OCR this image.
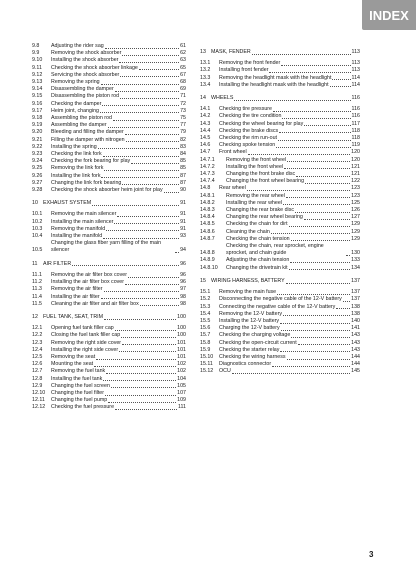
INDEX
9.8	Adjusting the rider sag	61
9.9	Removing the shock absorber	62
9.10	Installing the shock absorber	63
9.11	Checking the shock absorber linkage	65
9.12	Servicing the shock absorber	67
9.13	Removing the spring	68
9.14	Disassembling the damper	69
9.15	Disassembling the piston rod	71
9.16	Checking the damper	72
9.17	Heim joint, changing	73
9.18	Assembling the piston rod	75
9.19	Assembling the damper	77
9.20	Bleeding and filling the damper	79
9.21	Filling the damper with nitrogen	82
9.22	Installing the spring	83
9.23	Checking the link fork	84
9.24	Checking the fork bearing for play	85
9.25	Removing the link fork	85
9.26	Installing the link fork	87
9.27	Changing the link fork bearing	87
9.28	Checking the shock absorber heim joint for play	90
10 EXHAUST SYSTEM	91
10.1	Removing the main silencer	91
10.2	Installing the main silencer	91
10.3	Removing the manifold	91
10.4	Installing the manifold	93
10.5
Changing the glass fiber yarn filling of the main silencer	94
11	AIR FILTER	96
11.1	Removing the air filter box cover	96
11.2	Installing the air filter box cover	96
11.3	Removing the air filter	97
11.4	Installing the air filter	98
11.5	Cleaning the air filter and air filter box	98
12 FUEL TANK, SEAT, TRIM	100
12.1	Opening fuel tank filler cap	100
12.2	Closing the fuel tank filler cap	100
12.3	Removing the right side cover	101
12.4	Installing the right side cover	101
12.5	Removing the seat	101
12.6	Mounting the seat	102
12.7	Removing the fuel tank	102
12.8	Installing the fuel tank	104
12.9	Changing the fuel screen	105
12.10	Changing the fuel filter	107
12.11	Changing the fuel pump	109
12.12	Checking the fuel pressure	111
13 MASK, FENDER	113
13.1	Removing the front fender	113
13.2	Installing front fender	113
13.3	Removing the headlight mask with the headlight	114
13.4	Installing the headlight mask with the headlight	114
14 WHEELS	116
14.1	Checking tire pressure	116
14.2	Checking the tire condition	116
14.3	Checking the wheel bearing for play	117
14.4	Checking the brake discs	118
14.5	Checking the rim run-out	118
14.6	Checking spoke tension	119
14.7	Front wheel	120
14.7.1	Removing the front wheel	120
14.7.2	Installing the front wheel	121
14.7.3	Changing the front brake disc	121
14.7.4	Changing the front wheel bearing	122
14.8	Rear wheel	123
14.8.1	Removing the rear wheel	123
14.8.2	Installing the rear wheel	125
14.8.3	Changing the rear brake disc	126
14.8.4	Changing the rear wheel bearing	127
14.8.5	Checking the chain for dirt	129
14.8.6	Cleaning the chain	129
14.8.7	Checking the chain tension	129
14.8.8
Checking the chain, rear sprocket, engine sprocket, and chain guide	130
14.8.9	Adjusting the chain tension	133
14.8.10	Changing the drivetrain kit	134
15 WIRING HARNESS, BATTERY	137
15.1	Removing the main fuse	137
15.2	Disconnecting the negative cable of the 12-V battery 137
15.3	Connecting the negative cable of the 12-V battery	138
15.4	Removing the 12-V battery	138
15.5	Installing the 12-V battery	140
15.6	Charging the 12-V battery	141
15.7	Checking the charging voltage	143
15.8	Checking the open-circuit current	143
15.9	Checking the starter relay	143
15.10	Checking the wiring harness	144
15.11	Diagnostics connector	144
15.12	OCU	145
3
